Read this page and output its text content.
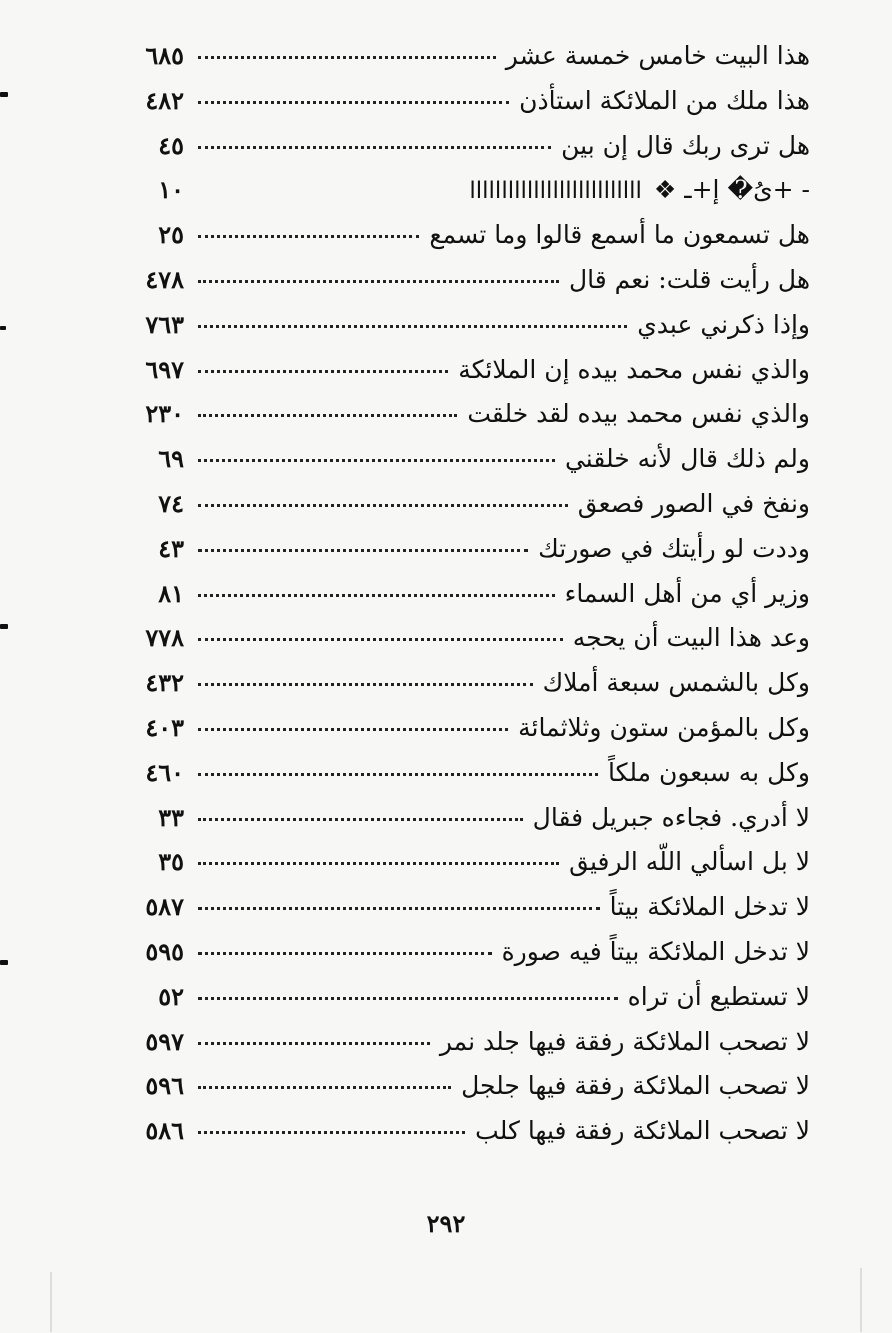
هذا البيت خامس خمسة عشر
٦٨٥
هذا ملك من الملائكة استأذن
٤٨٢
هل ترى ربك قال إن بين
٤٥
- +ىُ� إ+ـ ❖
ااااااااااااااااااااااااااا
١٠
هل تسمعون ما أسمع قالوا وما تسمع
٢٥
هل رأيت قلت: نعم قال
٤٧٨
وإذا ذكرني عبدي
٧٦٣
والذي نفس محمد بيده إن الملائكة
٦٩٧
والذي نفس محمد بيده لقد خلقت
٢٣٠
ولم ذلك قال لأنه خلقني
٦٩
ونفخ في الصور فصعق
٧٤
وددت لو رأيتك في صورتك
٤٣
وزير أي من أهل السماء
٨١
وعد هذا البيت أن يحجه
٧٧٨
وكل بالشمس سبعة أملاك
٤٣٢
وكل بالمؤمن ستون وثلاثمائة
٤٠٣
وكل به سبعون ملكاً
٤٦٠
لا أدري. فجاءه جبريل فقال
٣٣
لا بل اسألي اللّه الرفيق
٣٥
لا تدخل الملائكة بيتاً
٥٨٧
لا تدخل الملائكة بيتاً فيه صورة
٥٩٥
لا تستطيع أن تراه
٥٢
لا تصحب الملائكة رفقة فيها جلد نمر
٥٩٧
لا تصحب الملائكة رفقة فيها جلجل
٥٩٦
لا تصحب الملائكة رفقة فيها كلب
٥٨٦
٢٩٢
